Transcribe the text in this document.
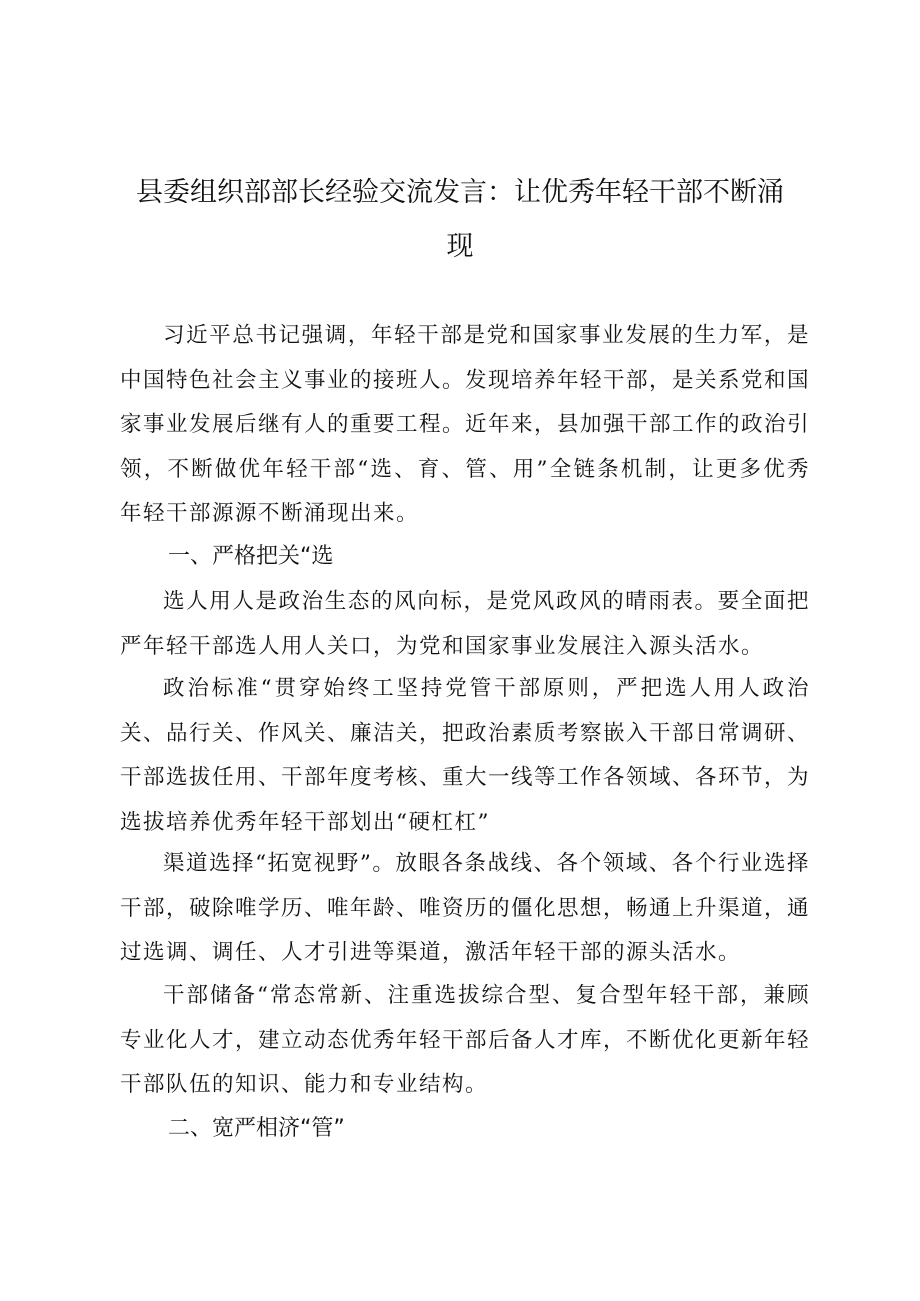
县委组织部部长经验交流发言：让优秀年轻干部不断涌
现

习近平总书记强调，年轻干部是党和国家事业发展的生力军，是中国特色社会主义事业的接班人。发现培养年轻干部，是关系党和国家事业发展后继有人的重要工程。近年来，县加强干部工作的政治引领，不断做优年轻干部“选、育、管、用”全链条机制，让更多优秀年轻干部源源不断涌现出来。

一、严格把关“选

选人用人是政治生态的风向标，是党风政风的晴雨表。要全面把严年轻干部选人用人关口，为党和国家事业发展注入源头活水。

政治标准“贯穿始终工坚持党管干部原则，严把选人用人政治关、品行关、作风关、廉洁关，把政治素质考察嵌入干部日常调研、干部选拔任用、干部年度考核、重大一线等工作各领域、各环节，为选拔培养优秀年轻干部划出“硬杠杠”

渠道选择“拓宽视野”。放眼各条战线、各个领域、各个行业选择干部，破除唯学历、唯年龄、唯资历的僵化思想，畅通上升渠道，通过选调、调任、人才引进等渠道，激活年轻干部的源头活水。

干部储备“常态常新、注重选拔综合型、复合型年轻干部，兼顾专业化人才，建立动态优秀年轻干部后备人才库，不断优化更新年轻干部队伍的知识、能力和专业结构。

二、宽严相济“管”
